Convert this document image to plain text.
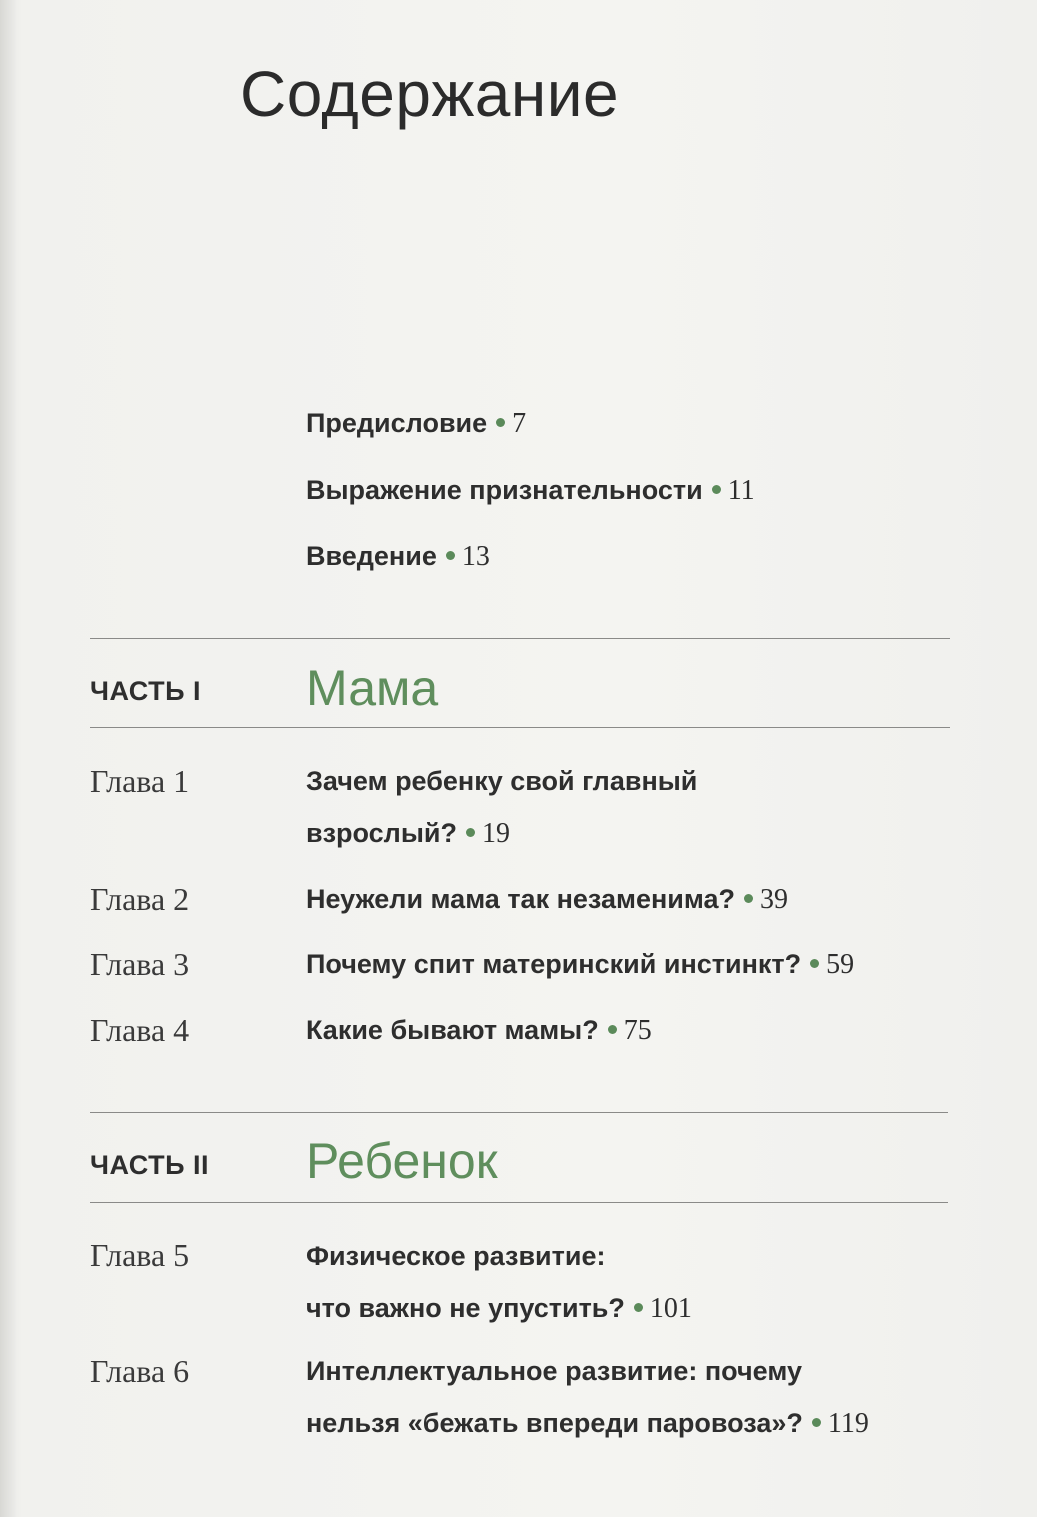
Содержание
Предисловие 7
Выражение признательности 11
Введение 13
ЧАСТЬ I Мама
Глава 1	Зачем ребенку свой главный
взрослый? 19
Глава 2	Неужели мама так незаменима? 39
Глава 3	Почему спит материнский инстинкт? 59
Глава 4	Какие бывают мамы? 75
ЧАСТЬ II Ребенок
Глава 5	Физическое развитие:
что важно не упустить? 101
Глава 6	Интеллектуальное развитие: почему
нельзя «бежать впереди паровоза»? 119
